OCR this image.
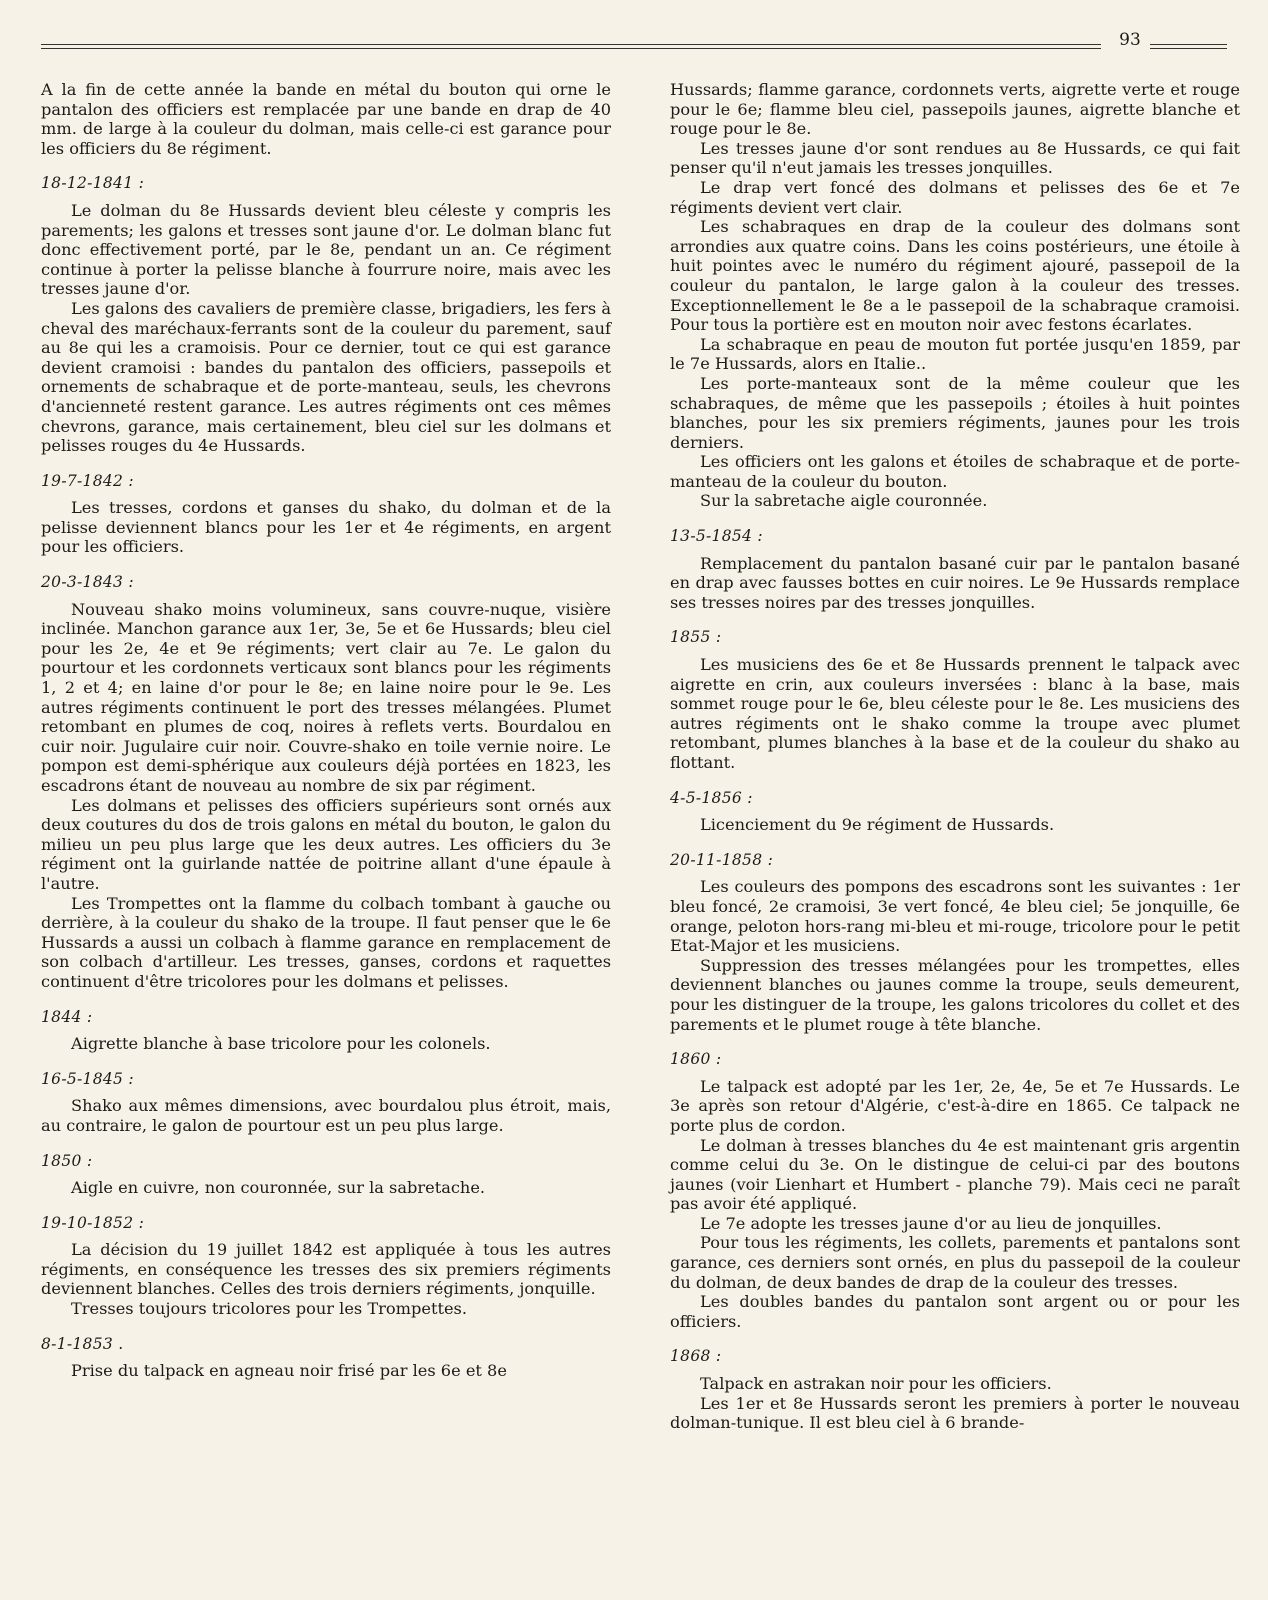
93

A la fin de cette année la bande en métal du bouton qui orne le pantalon des officiers est remplacée par une bande en drap de 40 mm. de large à la couleur du dolman, mais celle-ci est garance pour les officiers du 8e régiment.

18-12-1841 :

Le dolman du 8e Hussards devient bleu céleste y compris les parements; les galons et tresses sont jaune d'or. Le dolman blanc fut donc effectivement porté, par le 8e, pendant un an. Ce régiment continue à porter la pelisse blanche à fourrure noire, mais avec les tresses jaune d'or.

Les galons des cavaliers de première classe, brigadiers, les fers à cheval des maréchaux-ferrants sont de la couleur du parement, sauf au 8e qui les a cramoisis. Pour ce dernier, tout ce qui est garance devient cramoisi : bandes du pantalon des officiers, passepoils et ornements de schabraque et de porte-manteau, seuls, les chevrons d'ancienneté restent garance. Les autres régiments ont ces mêmes chevrons, garance, mais certainement, bleu ciel sur les dolmans et pelisses rouges du 4e Hussards.

19-7-1842 :

Les tresses, cordons et ganses du shako, du dolman et de la pelisse deviennent blancs pour les 1er et 4e régiments, en argent pour les officiers.

20-3-1843 :

Nouveau shako moins volumineux, sans couvre-nuque, visière inclinée. Manchon garance aux 1er, 3e, 5e et 6e Hussards; bleu ciel pour les 2e, 4e et 9e régiments; vert clair au 7e. Le galon du pourtour et les cordonnets verticaux sont blancs pour les régiments 1, 2 et 4; en laine d'or pour le 8e; en laine noire pour le 9e. Les autres régiments continuent le port des tresses mélangées. Plumet retombant en plumes de coq, noires à reflets verts. Bourdalou en cuir noir. Jugulaire cuir noir. Couvre-shako en toile vernie noire. Le pompon est demi-sphérique aux couleurs déjà portées en 1823, les escadrons étant de nouveau au nombre de six par régiment.

Les dolmans et pelisses des officiers supérieurs sont ornés aux deux coutures du dos de trois galons en métal du bouton, le galon du milieu un peu plus large que les deux autres. Les officiers du 3e régiment ont la guirlande nattée de poitrine allant d'une épaule à l'autre.

Les Trompettes ont la flamme du colbach tombant à gauche ou derrière, à la couleur du shako de la troupe. Il faut penser que le 6e Hussards a aussi un colbach à flamme garance en remplacement de son colbach d'artilleur. Les tresses, ganses, cordons et raquettes continuent d'être tricolores pour les dolmans et pelisses.

1844 :

Aigrette blanche à base tricolore pour les colonels.

16-5-1845 :

Shako aux mêmes dimensions, avec bourdalou plus étroit, mais, au contraire, le galon de pourtour est un peu plus large.

1850 :

Aigle en cuivre, non couronnée, sur la sabretache.

19-10-1852 :

La décision du 19 juillet 1842 est appliquée à tous les autres régiments, en conséquence les tresses des six premiers régiments deviennent blanches. Celles des trois derniers régiments, jonquille.

Tresses toujours tricolores pour les Trompettes.

8-1-1853 .

Prise du talpack en agneau noir frisé par les 6e et 8e

Hussards; flamme garance, cordonnets verts, aigrette verte et rouge pour le 6e; flamme bleu ciel, passepoils jaunes, aigrette blanche et rouge pour le 8e.

Les tresses jaune d'or sont rendues au 8e Hussards, ce qui fait penser qu'il n'eut jamais les tresses jonquilles.

Le drap vert foncé des dolmans et pelisses des 6e et 7e régiments devient vert clair.

Les schabraques en drap de la couleur des dolmans sont arrondies aux quatre coins. Dans les coins postérieurs, une étoile à huit pointes avec le numéro du régiment ajouré, passepoil de la couleur du pantalon, le large galon à la couleur des tresses. Exceptionnellement le 8e a le passepoil de la schabraque cramoisi. Pour tous la portière est en mouton noir avec festons écarlates.

La schabraque en peau de mouton fut portée jusqu'en 1859, par le 7e Hussards, alors en Italie..

Les porte-manteaux sont de la même couleur que les schabraques, de même que les passepoils ; étoiles à huit pointes blanches, pour les six premiers régiments, jaunes pour les trois derniers.

Les officiers ont les galons et étoiles de schabraque et de porte-manteau de la couleur du bouton.

Sur la sabretache aigle couronnée.

13-5-1854 :

Remplacement du pantalon basané cuir par le pantalon basané en drap avec fausses bottes en cuir noires. Le 9e Hussards remplace ses tresses noires par des tresses jonquilles.

1855 :

Les musiciens des 6e et 8e Hussards prennent le talpack avec aigrette en crin, aux couleurs inversées : blanc à la base, mais sommet rouge pour le 6e, bleu céleste pour le 8e. Les musiciens des autres régiments ont le shako comme la troupe avec plumet retombant, plumes blanches à la base et de la couleur du shako au flottant.

4-5-1856 :

Licenciement du 9e régiment de Hussards.

20-11-1858 :

Les couleurs des pompons des escadrons sont les suivantes : 1er bleu foncé, 2e cramoisi, 3e vert foncé, 4e bleu ciel; 5e jonquille, 6e orange, peloton hors-rang mi-bleu et mi-rouge, tricolore pour le petit Etat-Major et les musiciens.

Suppression des tresses mélangées pour les trompettes, elles deviennent blanches ou jaunes comme la troupe, seuls demeurent, pour les distinguer de la troupe, les galons tricolores du collet et des parements et le plumet rouge à tête blanche.

1860 :

Le talpack est adopté par les 1er, 2e, 4e, 5e et 7e Hussards. Le 3e après son retour d'Algérie, c'est-à-dire en 1865. Ce talpack ne porte plus de cordon.

Le dolman à tresses blanches du 4e est maintenant gris argentin comme celui du 3e. On le distingue de celui-ci par des boutons jaunes (voir Lienhart et Humbert - planche 79). Mais ceci ne paraît pas avoir été appliqué.

Le 7e adopte les tresses jaune d'or au lieu de jonquilles.

Pour tous les régiments, les collets, parements et pantalons sont garance, ces derniers sont ornés, en plus du passepoil de la couleur du dolman, de deux bandes de drap de la couleur des tresses.

Les doubles bandes du pantalon sont argent ou or pour les officiers.

1868 :

Talpack en astrakan noir pour les officiers.

Les 1er et 8e Hussards seront les premiers à porter le nouveau dolman-tunique. Il est bleu ciel à 6 brande-
